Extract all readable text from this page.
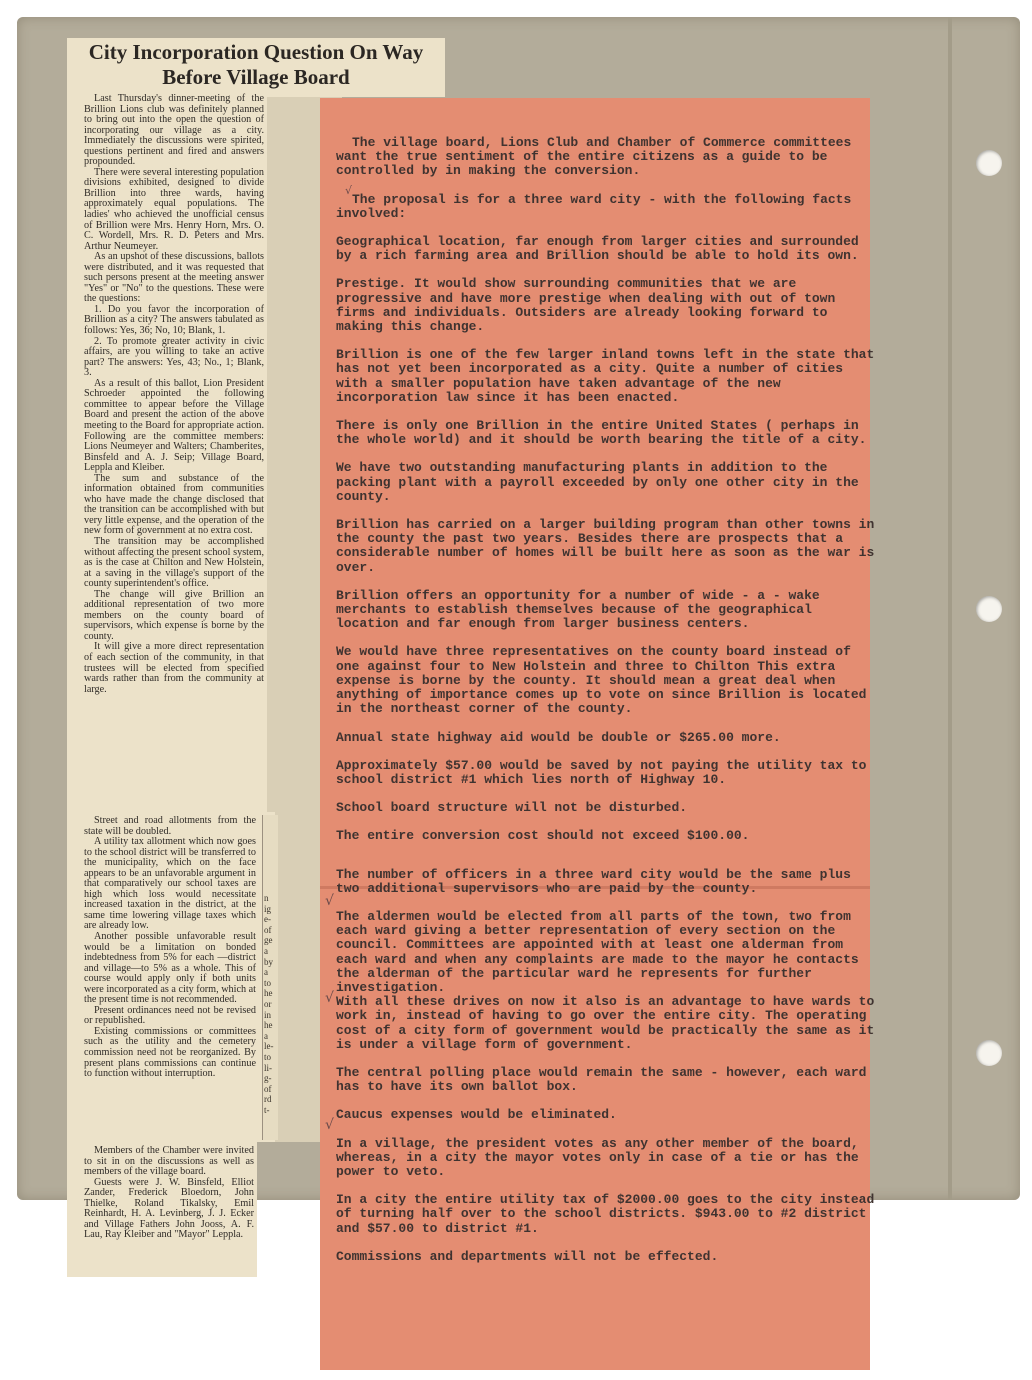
City Incorporation Question On Way Before Village Board

Last Thursday's dinner-meeting of the Brillion Lions club was definitely planned to bring out into the open the question of incorporating our village as a city. Immediately the discussions were spirited, questions pertinent and fired and answers propounded.

There were several interesting population divisions exhibited, designed to divide Brillion into three wards, having approximately equal populations. The ladies' who achieved the unofficial census of Brillion were Mrs. Henry Horn, Mrs. O. C. Wordell, Mrs. R. D. Peters and Mrs. Arthur Neumeyer.

As an upshot of these discussions, ballots were distributed, and it was requested that such persons present at the meeting answer "Yes" or "No" to the questions. These were the questions:

1. Do you favor the incorporation of Brillion as a city? The answers tabulated as follows: Yes, 36; No, 10; Blank, 1.

2. To promote greater activity in civic affairs, are you willing to take an active part? The answers: Yes, 43; No., 1; Blank, 3.

As a result of this ballot, Lion President Schroeder appointed the following committee to appear before the Village Board and present the action of the above meeting to the Board for appropriate action. Following are the committee members: Lions Neumeyer and Walters; Chamberites, Binsfeld and A. J. Seip; Village Board, Leppla and Kleiber.

The sum and substance of the information obtained from communities who have made the change disclosed that the transition can be accomplished with but very little expense, and the operation of the new form of government at no extra cost.

The transition may be accomplished without affecting the present school system, as is the case at Chilton and New Holstein, at a saving in the village's support of the county superintendent's office.

The change will give Brillion an additional representation of two more members on the county board of supervisors, which expense is borne by the county.

It will give a more direct representation of each section of the community, in that trustees will be elected from specified wards rather than from the community at large.

Street and road allotments from the state will be doubled.

A utility tax allotment which now goes to the school district will be transferred to the municipality, which on the face appears to be an unfavorable argument in that comparatively our school taxes are high which loss would necessitate increased taxation in the district, at the same time lowering village taxes which are already low.

Another possible unfavorable result would be a limitation on bonded indebtedness from 5% for each —district and village—to 5% as a whole. This of course would apply only if both units were incorporated as a city form, which at the present time is not recommended.

Present ordinances need not be revised or republished.

Existing commissions or committees such as the utility and the cemetery commission need not be reorganized. By present plans commissions can continue to function without interruption.

Members of the Chamber were invited to sit in on the discussions as well as members of the village board.

Guests were J. W. Binsfeld, Elliot Zander, Frederick Bloedorn, John Thielke, Roland Tikalsky, Emil Reinhardt, H. A. Levinberg, J. J. Ecker and Village Fathers John Jooss, A. F. Lau, Ray Kleiber and "Mayor" Leppla.

n
ig
e-
of
ge
a
by
a
to
he
or
in
he
a
le-
to
li-
g-
of
rd
t-

The village board, Lions Club and Chamber of Commerce committees want the true sentiment of the entire citizens as a guide to be controlled by in making the conversion.

The proposal is for a three ward city - with the following facts involved:

Geographical location, far enough from larger cities and surrounded by a rich farming area and Brillion should be able to hold its own.

Prestige. It would show surrounding communities that we are progressive and have more prestige when dealing with out of town firms and individuals. Outsiders are already looking forward to making this change.

Brillion is one of the few larger inland towns left in the state that has not yet been incorporated as a city. Quite a number of cities with a smaller population have taken advantage of the new incorporation law since it has been enacted.

There is only one Brillion in the entire United States ( perhaps in the whole world) and it should be worth bearing the title of a city.

We have two outstanding manufacturing plants in addition to the packing plant with a payroll exceeded by only one other city in the county.

Brillion has carried on a larger building program than other towns in the county the past two years. Besides there are prospects that a considerable number of homes will be built here as soon as the war is over.

Brillion offers an opportunity for a number of wide - a - wake merchants to establish themselves because of the geographical location and far enough from larger business centers.

We would have three representatives on the county board instead of one against four to New Holstein and three to Chilton This extra expense is borne by the county. It should mean a great deal when anything of importance comes up to vote on since Brillion is located in the northeast corner of the county.

Annual state highway aid would be double or $265.00 more.

Approximately $57.00 would be saved by not paying the utility tax to school district #1 which lies north of Highway 10.

School board structure will not be disturbed.

The entire conversion cost should not exceed $100.00.

The number of officers in a three ward city would be the same plus two additional supervisors who are paid by the county.

The aldermen would be elected from all parts of the town, two from each ward giving a better representation of every section on the council. Committees are appointed with at least one alderman from each ward and when any complaints are made to the mayor he contacts the alderman of the particular ward he represents for further investigation.

With all these drives on now it also is an advantage to have wards to work in, instead of having to go over the entire city. The operating cost of a city form of government would be practically the same as it is under a village form of government.

The central polling place would remain the same - however, each ward has to have its own ballot box.

Caucus expenses would be eliminated.

In a village, the president votes as any other member of the board, whereas, in a city the mayor votes only in case of a tie or has the power to veto.

In a city the entire utility tax of $2000.00 goes to the city instead of turning half over to the school districts. $943.00 to #2 district and $57.00 to district #1.

Commissions and departments will not be effected.

√
√
√
√
